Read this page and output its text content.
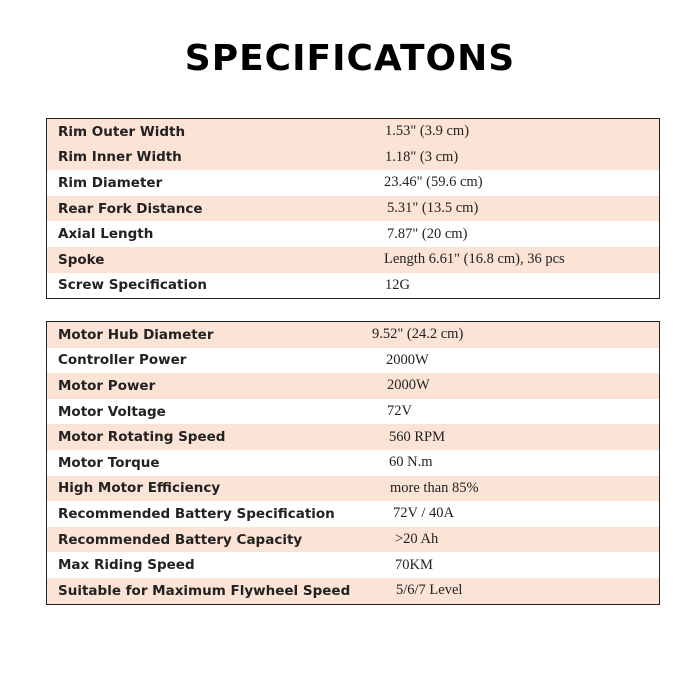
SPECIFICATONS
Rim Outer Width	1.53" (3.9 cm)
Rim Inner Width	1.18" (3 cm)
Rim Diameter	23.46" (59.6 cm)
Rear Fork Distance	5.31" (13.5 cm)
Axial Length	7.87" (20 cm)
Spoke	Length 6.61" (16.8 cm), 36 pcs
Screw Specification	12G
Motor Hub Diameter	9.52" (24.2 cm)
Controller Power	2000W
Motor Power	2000W
Motor Voltage	72V
Motor Rotating Speed	560 RPM
Motor Torque	60 N.m
High Motor Efficiency	more than 85%
Recommended Battery Specification	72V / 40A
Recommended Battery Capacity	>20 Ah
Max Riding Speed	70KM
Suitable for Maximum Flywheel Speed	5/6/7 Level
